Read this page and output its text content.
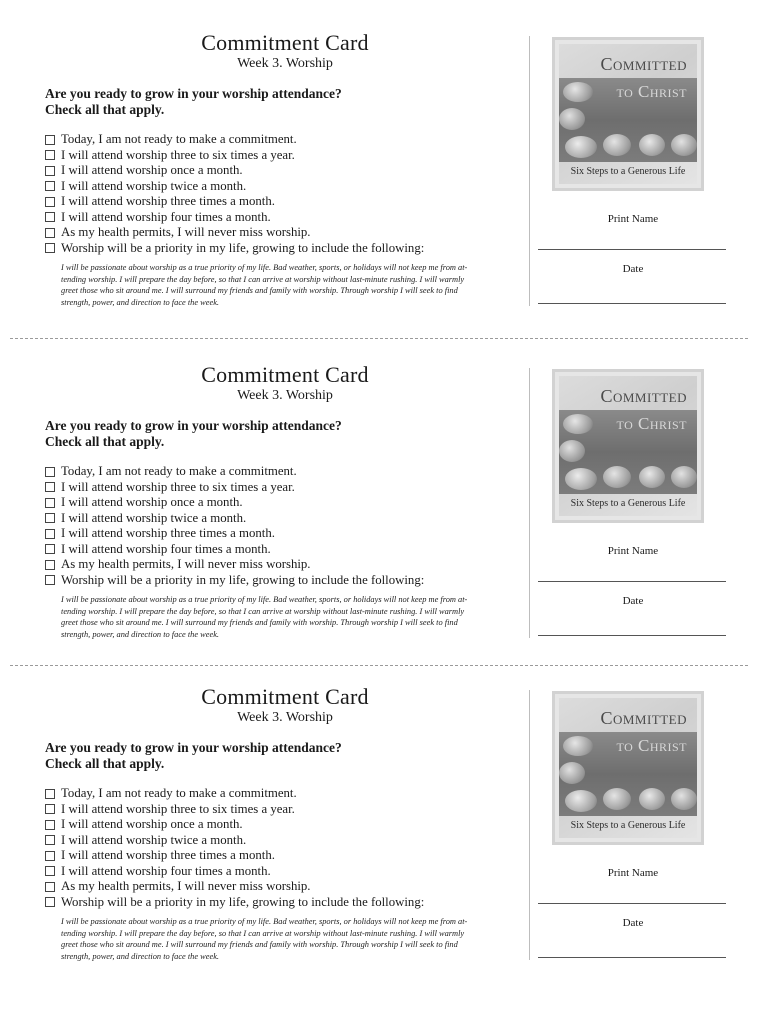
Commitment Card
Week 3. Worship
Are you ready to grow in your worship attendance?
Check all that apply.
Today, I am not ready to make a commitment.
I will attend worship three to six times a year.
I will attend worship once a month.
I will attend worship twice a month.
I will attend worship three times a month.
I will attend worship four times a month.
As my health permits, I will never miss worship.
Worship will be a priority in my life, growing to include the following:
I will be passionate about worship as a true priority of my life. Bad weather, sports, or holidays will not keep me from at-
tending worship. I will prepare the day before, so that I can arrive at worship without last-minute rushing. I will warmly
greet those who sit around me. I will surround my friends and family with worship. Through worship I will seek to find
strength, power, and direction to face the week.
Committed
to Christ
Six Steps to a Generous Life
Print Name
Date
Commitment Card
Week 3. Worship
Are you ready to grow in your worship attendance?
Check all that apply.
Today, I am not ready to make a commitment.
I will attend worship three to six times a year.
I will attend worship once a month.
I will attend worship twice a month.
I will attend worship three times a month.
I will attend worship four times a month.
As my health permits, I will never miss worship.
Worship will be a priority in my life, growing to include the following:
I will be passionate about worship as a true priority of my life. Bad weather, sports, or holidays will not keep me from at-
tending worship. I will prepare the day before, so that I can arrive at worship without last-minute rushing. I will warmly
greet those who sit around me. I will surround my friends and family with worship. Through worship I will seek to find
strength, power, and direction to face the week.
Committed
to Christ
Six Steps to a Generous Life
Print Name
Date
Commitment Card
Week 3. Worship
Are you ready to grow in your worship attendance?
Check all that apply.
Today, I am not ready to make a commitment.
I will attend worship three to six times a year.
I will attend worship once a month.
I will attend worship twice a month.
I will attend worship three times a month.
I will attend worship four times a month.
As my health permits, I will never miss worship.
Worship will be a priority in my life, growing to include the following:
I will be passionate about worship as a true priority of my life. Bad weather, sports, or holidays will not keep me from at-
tending worship. I will prepare the day before, so that I can arrive at worship without last-minute rushing. I will warmly
greet those who sit around me. I will surround my friends and family with worship. Through worship I will seek to find
strength, power, and direction to face the week.
Committed
to Christ
Six Steps to a Generous Life
Print Name
Date
